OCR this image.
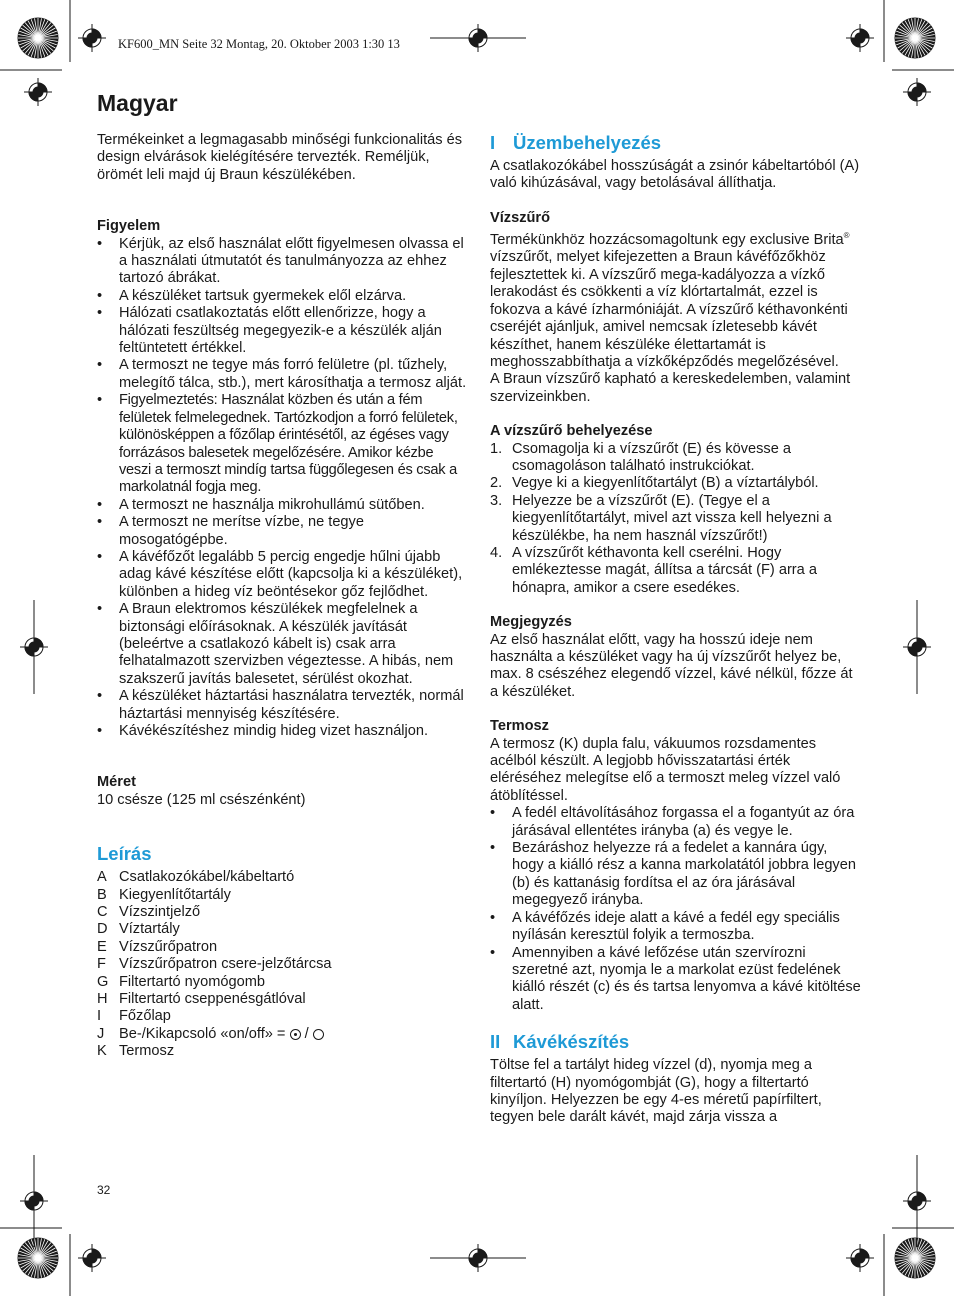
KF600_MN Seite 32 Montag, 20. Oktober 2003 1:30 13
Magyar

Termékeinket a legmagasabb minőségi funkcionalitás és design elvárások kielégítésére tervezték. Reméljük, örömét leli majd új Braun készülékében.

Figyelem

• Kérjük, az első használat előtt figyelmesen olvassa el a használati útmutatót és tanulmányozza az ehhez tartozó ábrákat.
• A készüléket tartsuk gyermekek elől elzárva.
• Hálózati csatlakoztatás előtt ellenőrizze, hogy a hálózati feszültség megegyezik-e a készülék alján feltüntetett értékkel.
• A termoszt ne tegye más forró felületre (pl. tűzhely, melegítő tálca, stb.), mert károsíthatja a termosz alját.
• Figyelmeztetés: Használat közben és után a fém felületek felmelegednek. Tartózkodjon a forró felületek, különösképpen a főzőlap érintésétől, az égéses vagy forrázásos balesetek megelőzésére. Amikor kézbe veszi a termoszt mindíg tartsa függőlegesen és csak a markolatnál fogja meg.
• A termoszt ne használja mikrohullámú sütőben.
• A termoszt ne merítse vízbe, ne tegye mosogatógépbe.
• A kávéfőzőt legalább 5 percig engedje hűlni újabb adag kávé készítése előtt (kapcsolja ki a készüléket), különben a hideg víz beöntésekor gőz fejlődhet.
• A Braun elektromos készülékek megfelelnek a biztonsági előírásoknak. A készülék javítását (beleértve a csatlakozó kábelt is) csak arra felhatalmazott szervizben végeztesse. A hibás, nem szakszerű javítás balesetet, sérülést okozhat.
• A készüléket háztartási használatra tervezték, normál háztartási mennyiség készítésére.
• Kávékészítéshez mindig hideg vizet használjon.

Méret

10 csésze (125 ml csészénként)

Leírás
A Csatlakozókábel/kábeltartó
B Kiegyenlítőtartály
C Vízszintjelző
D Víztartály
E Vízszűrőpatron
F Vízszűrőpatron csere-jelzőtárcsa
G Filtertartó nyomógomb
H Filtertartó cseppenésgátlóval
I	Főzőlap
J	Be-/Kikapcsoló «on/off» = /
K Termosz
I Üzembehelyezés

A csatlakozókábel hosszúságát a zsinór kábeltartóból (A) való kihúzásával, vagy betolásával állíthatja.

Vízszűrő

Termékünkhöz hozzácsomagoltunk egy exclusive Brita® vízszűrőt, melyet kifejezetten a Braun kávéfőzőkhöz fejlesztettek ki. A vízszűrő mega-kadályozza a vízkő lerakodást és csökkenti a víz klórtartalmát, ezzel is fokozva a kávé ízharmóniáját. A vízszűrő kéthavonkénti cseréjét ajánljuk, amivel nemcsak ízletesebb kávét készíthet, hanem készüléke élettartamát is meghosszabbíthatja a vízkőképződés megelőzésével.

A Braun vízszűrő kapható a kereskedelemben, valamint szervizeinkben.

A vízszűrő behelyezése

1. Csomagolja ki a vízszűrőt (E) és kövesse a csomagoláson található instrukciókat.
2. Vegye ki a kiegyenlítőtartályt (B) a víztartályból.
3. Helyezze be a vízszűrőt (E). (Tegye el a kiegyenlítőtartályt, mivel azt vissza kell helyezni a készülékbe, ha nem használ vízszűrőt!)
4. A vízszűrőt kéthavonta kell cserélni. Hogy emlékeztesse magát, állítsa a tárcsát (F) arra a hónapra, amikor a csere esedékes.

Megjegyzés

Az első használat előtt, vagy ha hosszú ideje nem használta a készüléket vagy ha új vízszűrőt helyez be, max. 8 csészéhez elegendő vízzel, kávé nélkül, főzze át a készüléket.

Termosz

A termosz (K) dupla falu, vákuumos rozsdamentes acélból készült. A legjobb hővisszatartási érték eléréséhez melegítse elő a termoszt meleg vízzel való átöblítéssel.

• A fedél eltávolításához forgassa el a fogantyút az óra járásával ellentétes irányba (a) és vegye le.
• Bezáráshoz helyezze rá a fedelet a kannára úgy, hogy a kiálló rész a kanna markolatától jobbra legyen (b) és kattanásig fordítsa el az óra járásával megegyező irányba.
• A kávéfőzés ideje alatt a kávé a fedél egy speciális nyílásán keresztül folyik a termoszba.
• Amennyiben a kávé lefőzése után szervírozni szeretné azt, nyomja le a markolat ezüst fedelének kiálló részét (c) és és tartsa lenyomva a kávé kitöltése alatt.
II Kávékészítés

Töltse fel a tartályt hideg vízzel (d), nyomja meg a filtertartó (H) nyomógombját (G), hogy a filtertartó kinyíljon. Helyezzen be egy 4-es méretű papírfiltert, tegyen bele darált kávét, majd zárja vissza a

32
